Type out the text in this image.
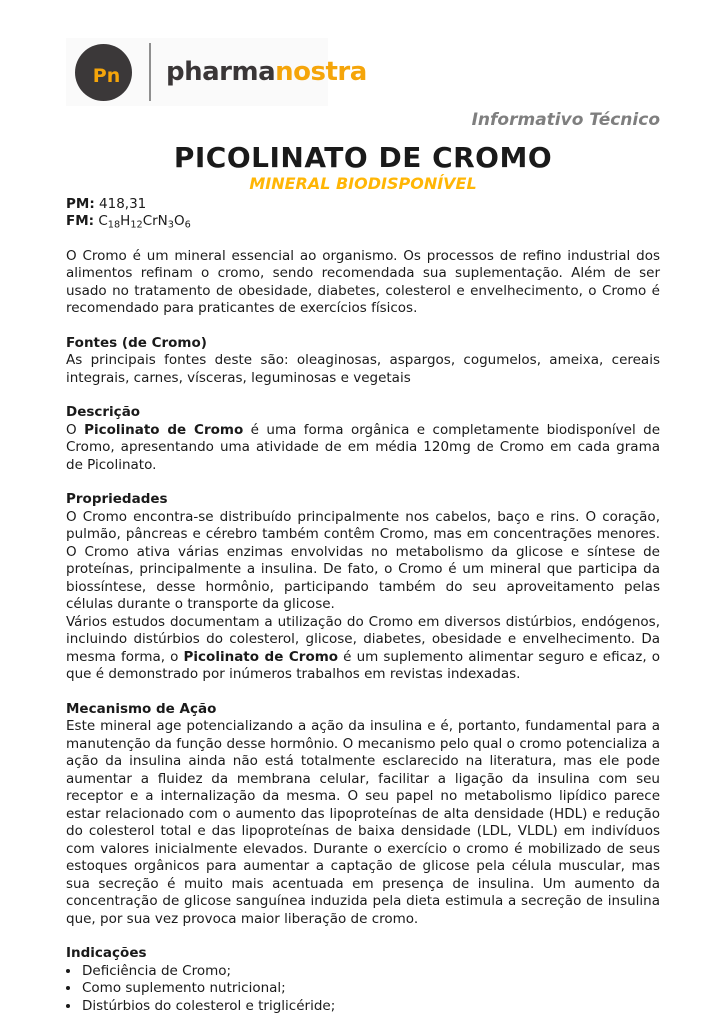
Pn pharmanostra
Informativo Técnico
PICOLINATO DE CROMO
MINERAL BIODISPONÍVEL
PM: 418,31
FM: $C_{18}H_{12}CrN_3O_6$

O Cromo é um mineral essencial ao organismo. Os processos de refino industrial dos alimentos refinam o cromo, sendo recomendada sua suplementação. Além de ser usado no tratamento de obesidade, diabetes, colesterol e envelhecimento, o Cromo é recomendado para praticantes de exercícios físicos.

Fontes (de Cromo)

As principais fontes deste são: oleaginosas, aspargos, cogumelos, ameixa, cereais integrais, carnes, vísceras, leguminosas e vegetais

Descrição

O Picolinato de Cromo é uma forma orgânica e completamente biodisponível de Cromo, apresentando uma atividade de em média 120mg de Cromo em cada grama de Picolinato.

Propriedades

O Cromo encontra-se distribuído principalmente nos cabelos, baço e rins. O coração, pulmão, pâncreas e cérebro também contêm Cromo, mas em concentrações menores. O Cromo ativa várias enzimas envolvidas no metabolismo da glicose e síntese de proteínas, principalmente a insulina. De fato, o Cromo é um mineral que participa da biossíntese, desse hormônio, participando também do seu aproveitamento pelas células durante o transporte da glicose.

Vários estudos documentam a utilização do Cromo em diversos distúrbios, endógenos, incluindo distúrbios do colesterol, glicose, diabetes, obesidade e envelhecimento. Da mesma forma, o Picolinato de Cromo é um suplemento alimentar seguro e eficaz, o que é demonstrado por inúmeros trabalhos em revistas indexadas.

Mecanismo de Ação

Este mineral age potencializando a ação da insulina e é, portanto, fundamental para a manutenção da função desse hormônio. O mecanismo pelo qual o cromo potencializa a ação da insulina ainda não está totalmente esclarecido na literatura, mas ele pode aumentar a fluidez da membrana celular, facilitar a ligação da insulina com seu receptor e a internalização da mesma. O seu papel no metabolismo lipídico parece estar relacionado com o aumento das lipoproteínas de alta densidade (HDL) e redução do colesterol total e das lipoproteínas de baixa densidade (LDL, VLDL) em indivíduos com valores inicialmente elevados. Durante o exercício o cromo é mobilizado de seus estoques orgânicos para aumentar a captação de glicose pela célula muscular, mas sua secreção é muito mais acentuada em presença de insulina. Um aumento da concentração de glicose sanguínea induzida pela dieta estimula a secreção de insulina que, por sua vez provoca maior liberação de cromo.

Indicações
• Deficiência de Cromo;
• Como suplemento nutricional;
• Distúrbios do colesterol e triglicéride;
